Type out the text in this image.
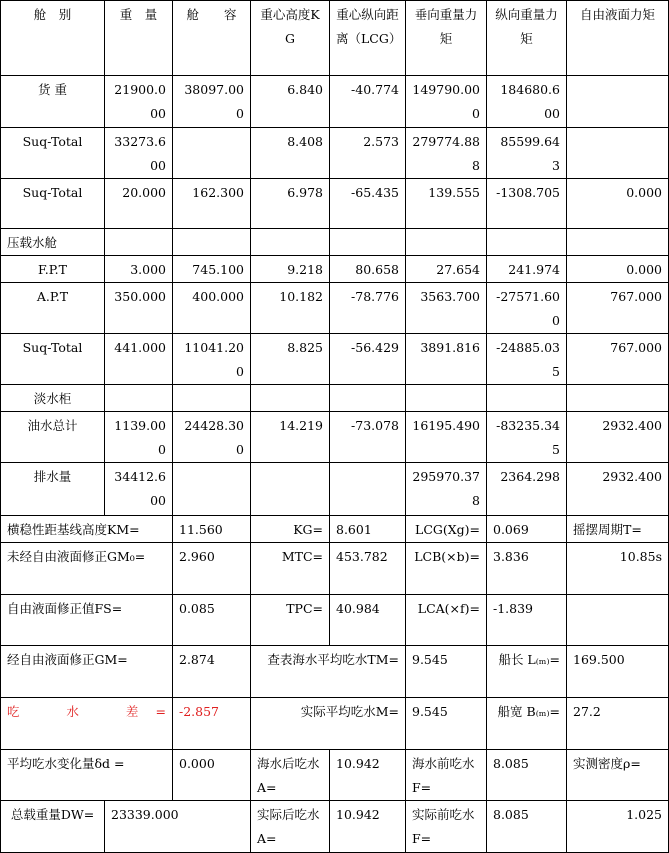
舱　别	重　量	舱　　容	重心高度KG	重心纵向距离（LCG）	垂向重量力矩	纵向重量力矩	自由液面力矩
货 重	21900.000	38097.000	6.840	-40.774	149790.000	184680.600	
Suq-Total	33273.600		8.408	2.573	279774.888	85599.643	
Suq-Total	20.000	162.300	6.978	-65.435	139.555	-1308.705	0.000
压载水舱							
F.P.T	3.000	745.100	9.218	80.658	27.654	241.974	0.000
A.P.T	350.000	400.000	10.182	-78.776	3563.700	-27571.600	767.000
Suq-Total	441.000	11041.200	8.825	-56.429	3891.816	-24885.035	767.000
淡水柜							
油水总计	1139.000	24428.300	14.219	-73.078	16195.490	-83235.345	2932.400
排水量	34412.600				295970.378	2364.298	2932.400
横稳性距基线高度KM=		11.560	KG=	8.601	LCG(Xg)=	0.069	摇摆周期T=
未经自由液面修正GM₀=		2.960	MTC=	453.782	LCB(×b)=	3.836	10.85s
自由液面修正值FS=		0.085	TPC=	40.984	LCA(×f)=	-1.839	
经自由液面修正GM=		2.874	查表海水平均吃水TM=		9.545	船长 L₍ₘ₎=	169.500
吃　水　差=		-2.857	实际平均吃水M=		9.545	船宽 B₍ₘ₎=	27.2
平均吃水变化量δd =		0.000	海水后吃水A=	10.942	海水前吃水F=	8.085	实测密度ρ=
总载重量DW=	23339.000		实际后吃水A=	10.942	实际前吃水F=	8.085	1.025
